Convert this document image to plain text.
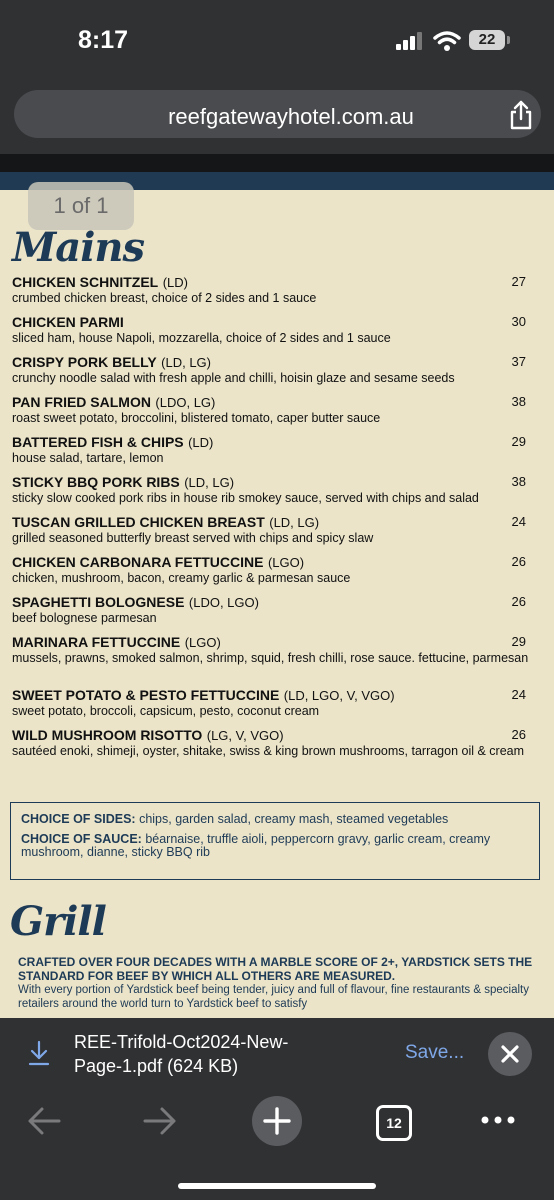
8:17	22
reefgatewayhotel.com.au
1 of 1
Mains
CHICKEN SCHNITZEL (LD)
crumbed chicken breast, choice of 2 sides and 1 sauce
27
CHICKEN PARMI
sliced ham, house Napoli, mozzarella, choice of 2 sides and 1 sauce
30
CRISPY PORK BELLY (LD, LG)
crunchy noodle salad with fresh apple and chilli, hoisin glaze and sesame seeds
37
PAN FRIED SALMON (LDO, LG)
roast sweet potato, broccolini, blistered tomato, caper butter sauce
38
BATTERED FISH & CHIPS (LD)
house salad, tartare, lemon
29
STICKY BBQ PORK RIBS (LD, LG)
sticky slow cooked pork ribs in house rib smokey sauce, served with chips and salad
38
TUSCAN GRILLED CHICKEN BREAST (LD, LG)
grilled seasoned butterfly breast served with chips and spicy slaw
24
CHICKEN CARBONARA FETTUCCINE (LGO)
chicken, mushroom, bacon, creamy garlic & parmesan sauce
26
SPAGHETTI BOLOGNESE (LDO, LGO)
beef bolognese parmesan
26
MARINARA FETTUCCINE (LGO)
mussels, prawns, smoked salmon, shrimp, squid, fresh chilli, rose sauce. fettucine, parmesan
29
SWEET POTATO & PESTO FETTUCCINE (LD, LGO, V, VGO)
sweet potato, broccoli, capsicum, pesto, coconut cream
24
WILD MUSHROOM RISOTTO (LG, V, VGO)
sautéed enoki, shimeji, oyster, shitake, swiss & king brown mushrooms, tarragon oil & cream
26

CHOICE OF SIDES: chips, garden salad, creamy mash, steamed vegetables

CHOICE OF SAUCE: béarnaise, truffle aioli, peppercorn gravy, garlic cream, creamy mushroom, dianne, sticky BBQ rib

Grill
CRAFTED OVER FOUR DECADES WITH A MARBLE SCORE OF 2+, YARDSTICK SETS THE STANDARD FOR BEEF BY WHICH ALL OTHERS ARE MEASURED.
With every portion of Yardstick beef being tender, juicy and full of flavour, fine restaurants & specialty retailers around the world turn to Yardstick beef to satisfy
REE-Trifold-Oct2024-New-Page-1.pdf (624 KB)
Save...
12
